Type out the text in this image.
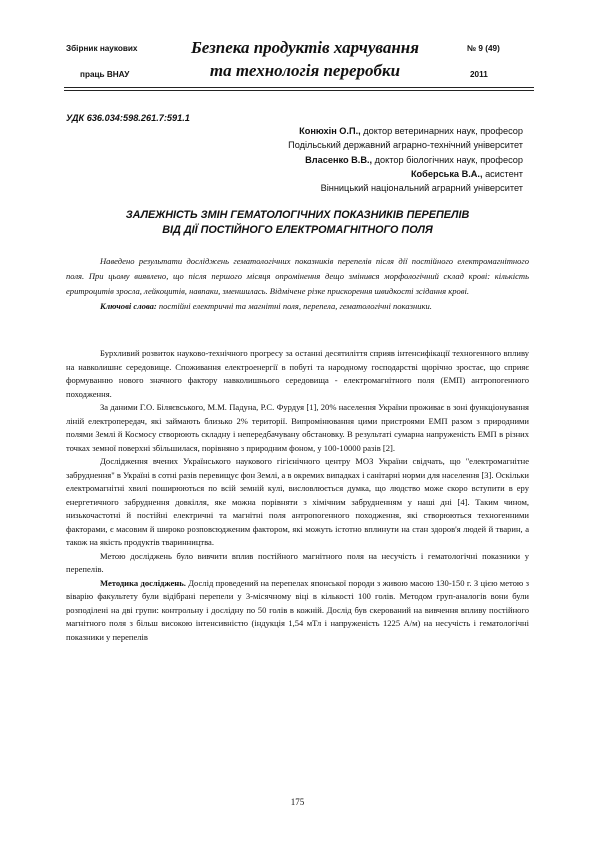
Збірник наукових
праць ВНАУ
Безпека продуктів харчування
та технологія переробки
№ 9 (49)
2011
УДК 636.034:598.261.7:591.1
Конюхін О.П., доктор ветеринарних наук, професор
Подільський державний аграрно-технічний університет
Власенко В.В., доктор біологічних наук, професор
Коберська В.А., асистент
Вінницький національний аграрний університет
ЗАЛЕЖНІСТЬ ЗМІН ГЕМАТОЛОГІЧНИХ ПОКАЗНИКІВ ПЕРЕПЕЛІВ
ВІД ДІЇ ПОСТІЙНОГО ЕЛЕКТРОМАГНІТНОГО ПОЛЯ

Наведено результати досліджень гематологічних показників перепелів після дії постійного електромагнітного поля. При цьому виявлено, що після першого місяця опромінення дещо змінився морфологічний склад крові: кількість еритроцитів зросла, лейкоцитів, навпаки, зменшилась. Відмічене різке прискорення швидкості зсідання крові.

Ключові слова: постійні електричні та магнітні поля, перепела, гематологічні показники.

Бурхливий розвиток науково-технічного прогресу за останні десятиліття сприяв інтенсифікації техногенного впливу на навколишнє середовище. Споживання електроенергії в побуті та народному господарстві щорічно зростає, що сприяє формуванню нового значного фактору навколишнього середовища - електромагнітного поля (ЕМП) антропогенного походження.

За даними Г.О. Біляєвського, М.М. Падуна, Р.С. Фурдуя [1], 20% населення України проживає в зоні функціонування ліній електропередач, які займають близько 2% території. Випромінювання цими пристроями ЕМП разом з природними полями Землі й Космосу створюють складну і непередбачувану обстановку. В результаті сумарна напруженість ЕМП в різних точках земної поверхні збільшилася, порівняно з природним фоном, у 100-10000 разів [2].

Дослідження вчених Українського наукового гігієнічного центру МОЗ України свідчать, що "електромагнітне забруднення" в Україні в сотні разів перевищує фон Землі, а в окремих випадках і санітарні норми для населення [3]. Оскільки електромагнітні хвилі поширюються по всій земній кулі, висловлюється думка, що людство може скоро вступити в еру енергетичного забруднення довкілля, яке можна порівняти з хімічним забрудненням у наші дні [4]. Таким чином, низькочастотні й постійні електричні та магнітні поля антропогенного походження, які створюються техногенними факторами, є масовим й широко розповсюдженим фактором, які можуть істотно вплинути на стан здоров'я людей й тварин, а також на якість продуктів тваринництва.

Метою досліджень було вивчити вплив постійного магнітного поля на несучість і гематологічні показники у перепелів.

Методика досліджень. Дослід проведений на перепелах японської породи з живою масою 130-150 г. З цією метою з віварію факультету були відібрані перепели у 3-місячному віці в кількості 100 голів. Методом груп-аналогів вони були розподілені на дві групи: контрольну і дослідну по 50 голів в кожній. Дослід був скерований на вивчення впливу постійного магнітного поля з більш високою інтенсивністю (індукція 1,54 мТл і напруженість 1225 А/м) на несучість і гематологічні показники у перепелів

175
